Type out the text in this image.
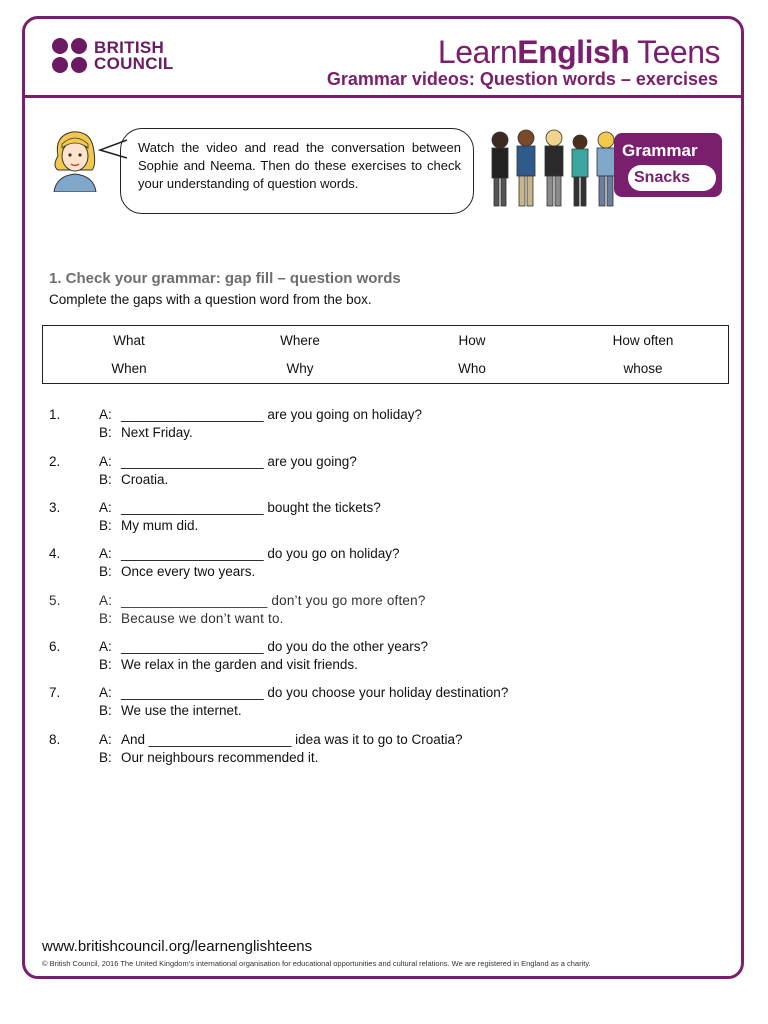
BRITISH
COUNCIL	LearnEnglish Teens
Grammar videos: Question words – exercises
Watch the video and read the conversation between Sophie and Neema. Then do these exercises to check your understanding of question words.
Grammar
Snacks
1. Check your grammar: gap fill – question words
Complete the gaps with a question word from the box.
What	Where	How	How often
When	Why	Who	whose
1.	A: ___________________ are you going on holiday?
B: Next Friday.
2.	A: ___________________ are you going?
B: Croatia.
3.	A: ___________________ bought the tickets?
B: My mum did.
4.	A: ___________________ do you go on holiday?
B: Once every two years.
5.	A: ___________________ don’t you go more often?
B: Because we don’t want to.
6.	A: ___________________ do you do the other years?
B: We relax in the garden and visit friends.
7.	A: ___________________ do you choose your holiday destination?
B: We use the internet.
8.	A: And ___________________ idea was it to go to Croatia?
B: Our neighbours recommended it.
www.britishcouncil.org/learnenglishteens
© British Council, 2016 The United Kingdom’s international organisation for educational opportunities and cultural relations. We are registered in England as a charity.
